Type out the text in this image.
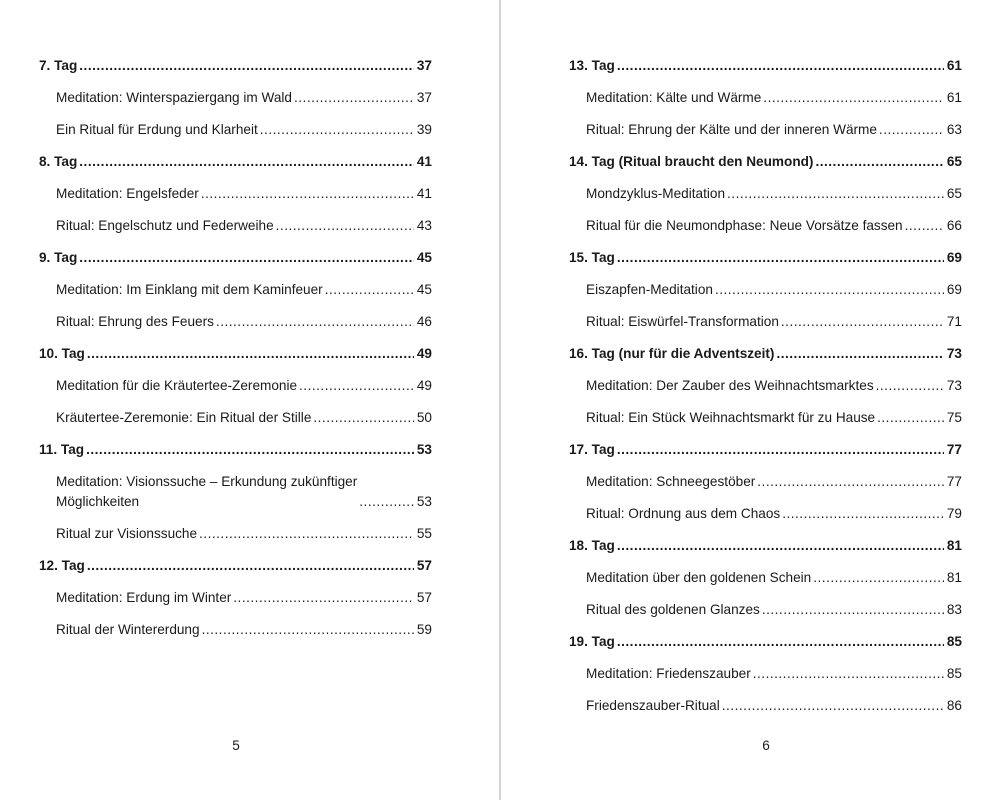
7. Tag .....	37
Meditation: Winterspaziergang im Wald .....	37
Ein Ritual für Erdung und Klarheit .....	39
8. Tag .....	41
Meditation: Engelsfeder .....	41
Ritual: Engelschutz und Federweihe .....	43
9. Tag .....	45
Meditation: Im Einklang mit dem Kaminfeuer .....	45
Ritual: Ehrung des Feuers .....	46
10. Tag .....	49
Meditation für die Kräutertee-Zeremonie .....	49
Kräutertee-Zeremonie: Ein Ritual der Stille .....	50
11. Tag .....	53
Meditation: Visionssuche – Erkundung zukünftiger
Möglichkeiten .....	53
Ritual zur Visionssuche .....	55
12. Tag .....	57
Meditation: Erdung im Winter .....	57
Ritual der Wintererdung .....	59
5
13. Tag .....	61
Meditation: Kälte und Wärme .....	61
Ritual: Ehrung der Kälte und der inneren Wärme .....	63
14. Tag (Ritual braucht den Neumond) .....	65
Mondzyklus-Meditation .....	65
Ritual für die Neumondphase: Neue Vorsätze fassen .....	66
15. Tag .....	69
Eiszapfen-Meditation .....	69
Ritual: Eiswürfel-Transformation .....	71
16. Tag (nur für die Adventszeit) .....	73
Meditation: Der Zauber des Weihnachtsmarktes .....	73
Ritual: Ein Stück Weihnachtsmarkt für zu Hause .....	75
17. Tag .....	77
Meditation: Schneegestöber .....	77
Ritual: Ordnung aus dem Chaos .....	79
18. Tag .....	81
Meditation über den goldenen Schein .....	81
Ritual des goldenen Glanzes .....	83
19. Tag .....	85
Meditation: Friedenszauber .....	85
Friedenszauber-Ritual .....	86
6
